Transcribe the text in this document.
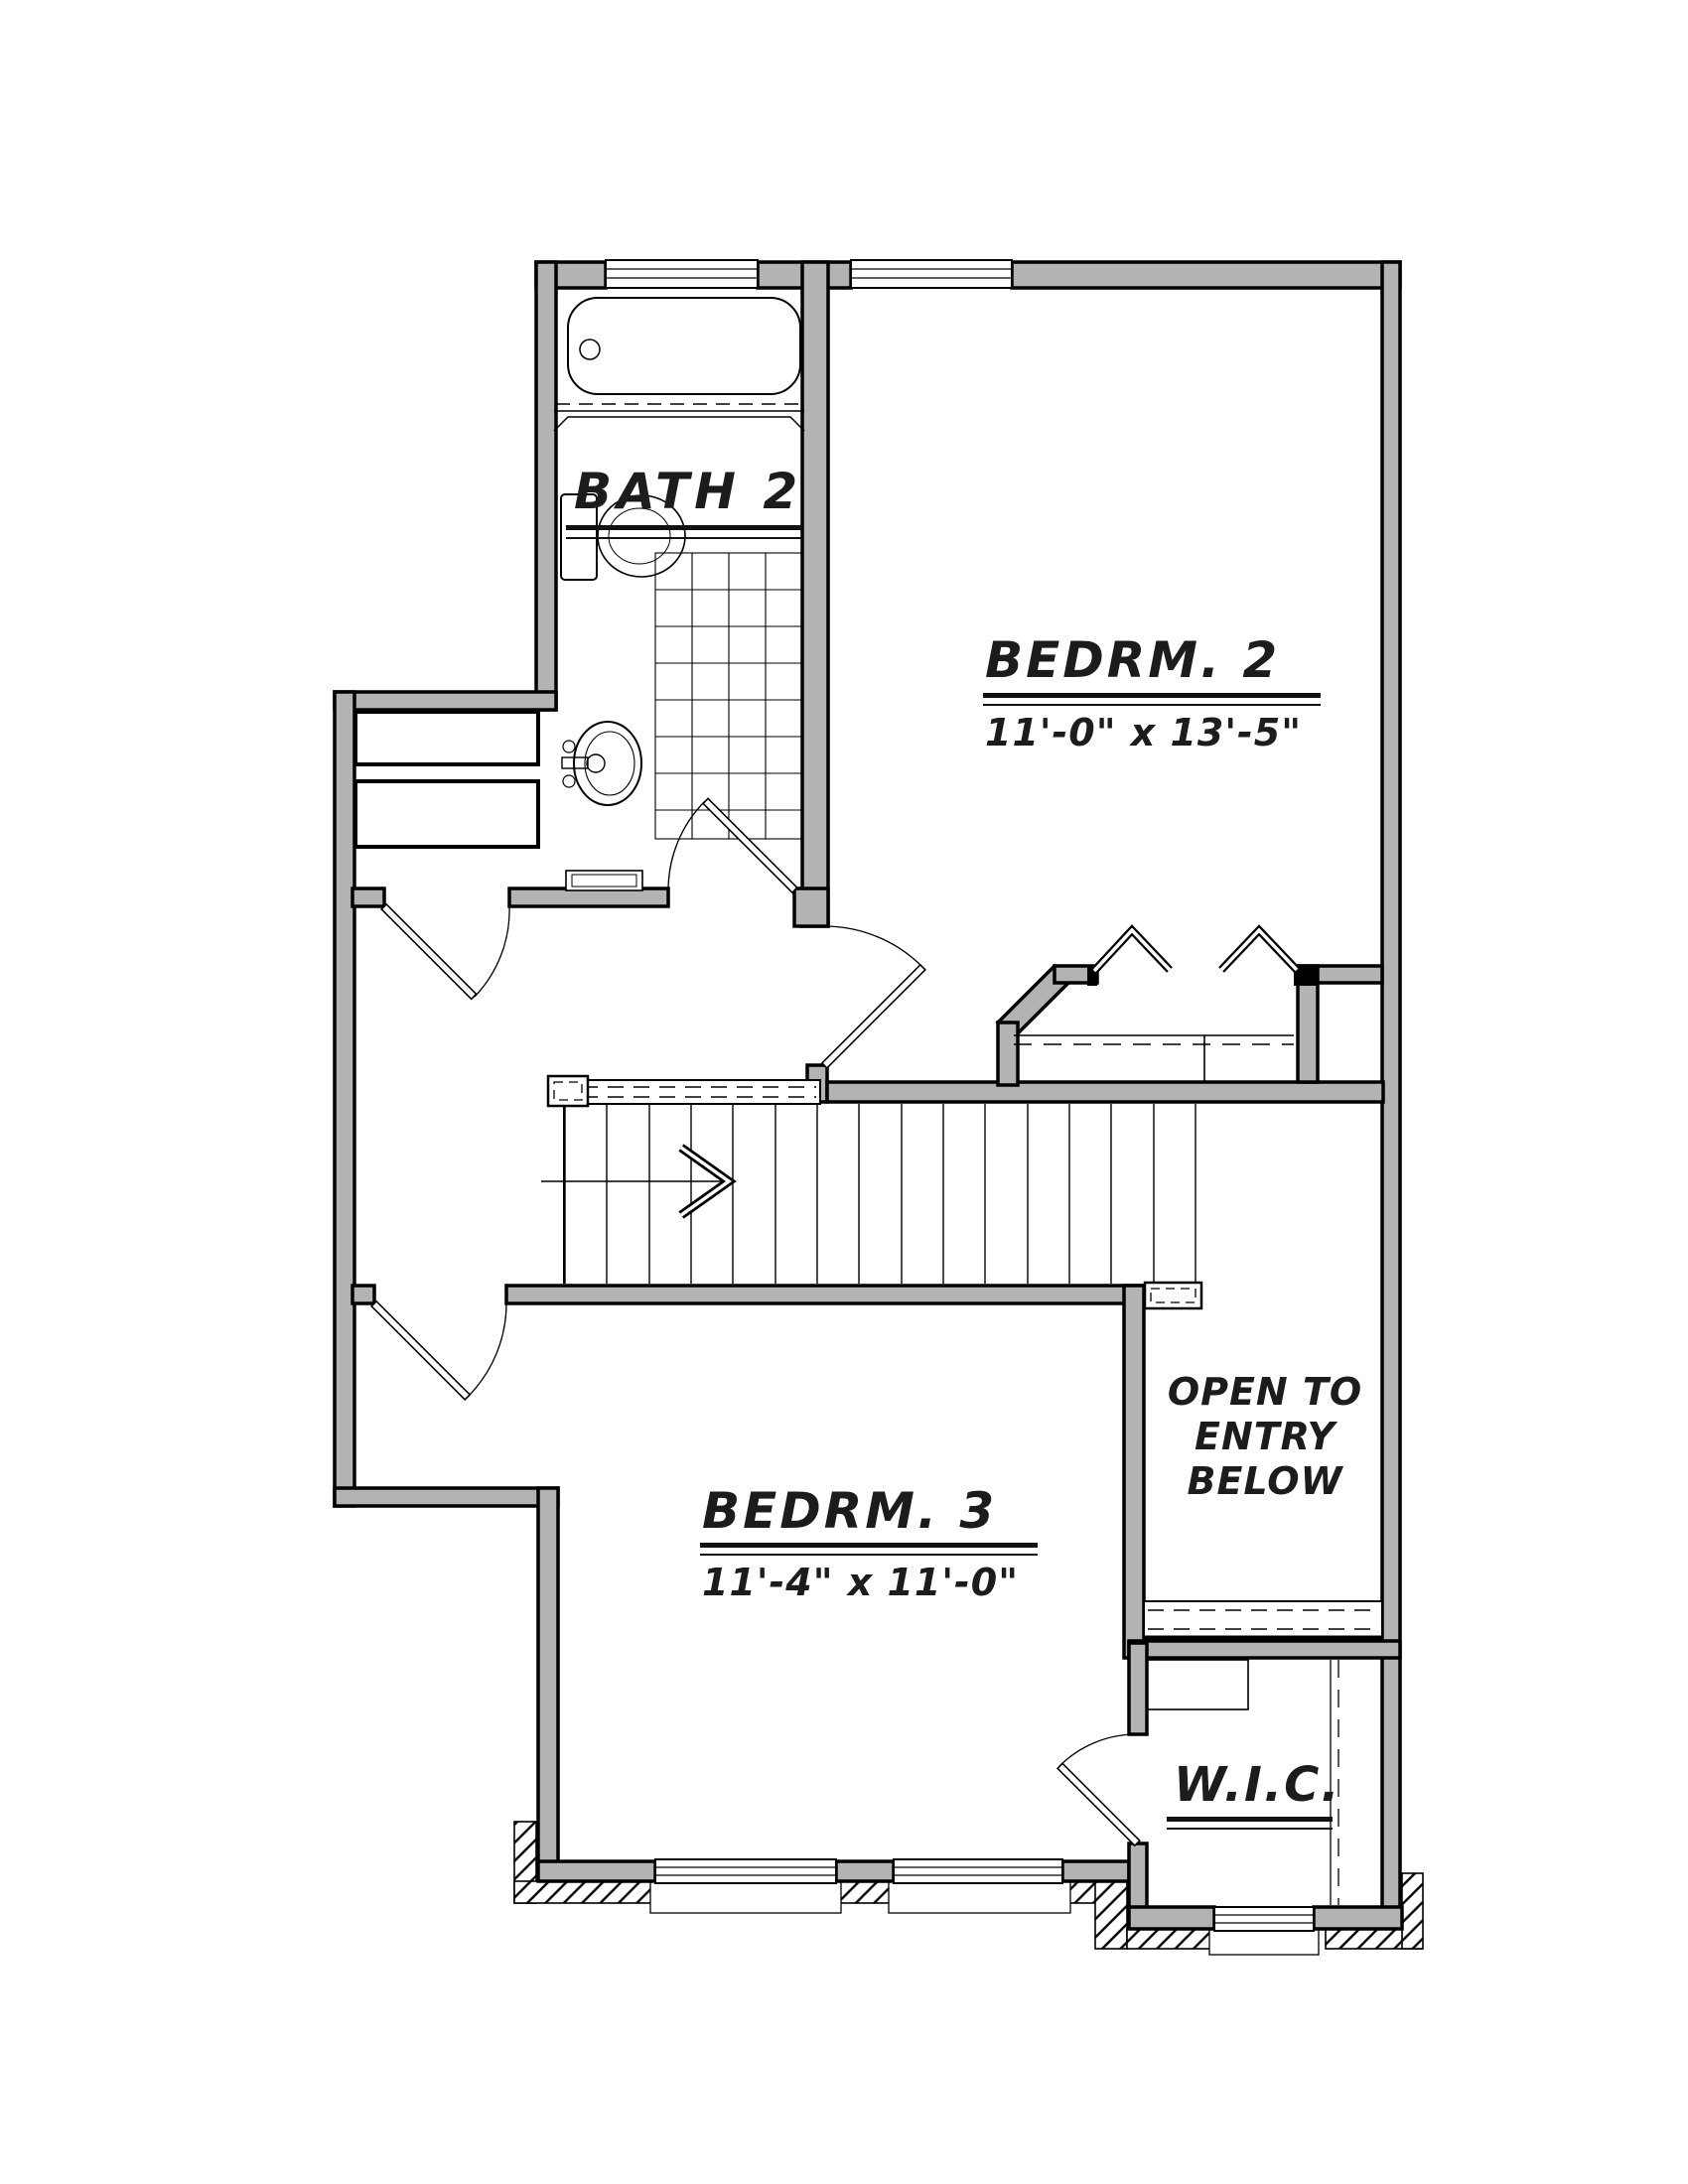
BATH 2
BEDRM. 2
11'-0" x 13'-5"
BEDRM. 3
11'-4" x 11'-0"
OPEN TO
ENTRY
BELOW
W.I.C.
